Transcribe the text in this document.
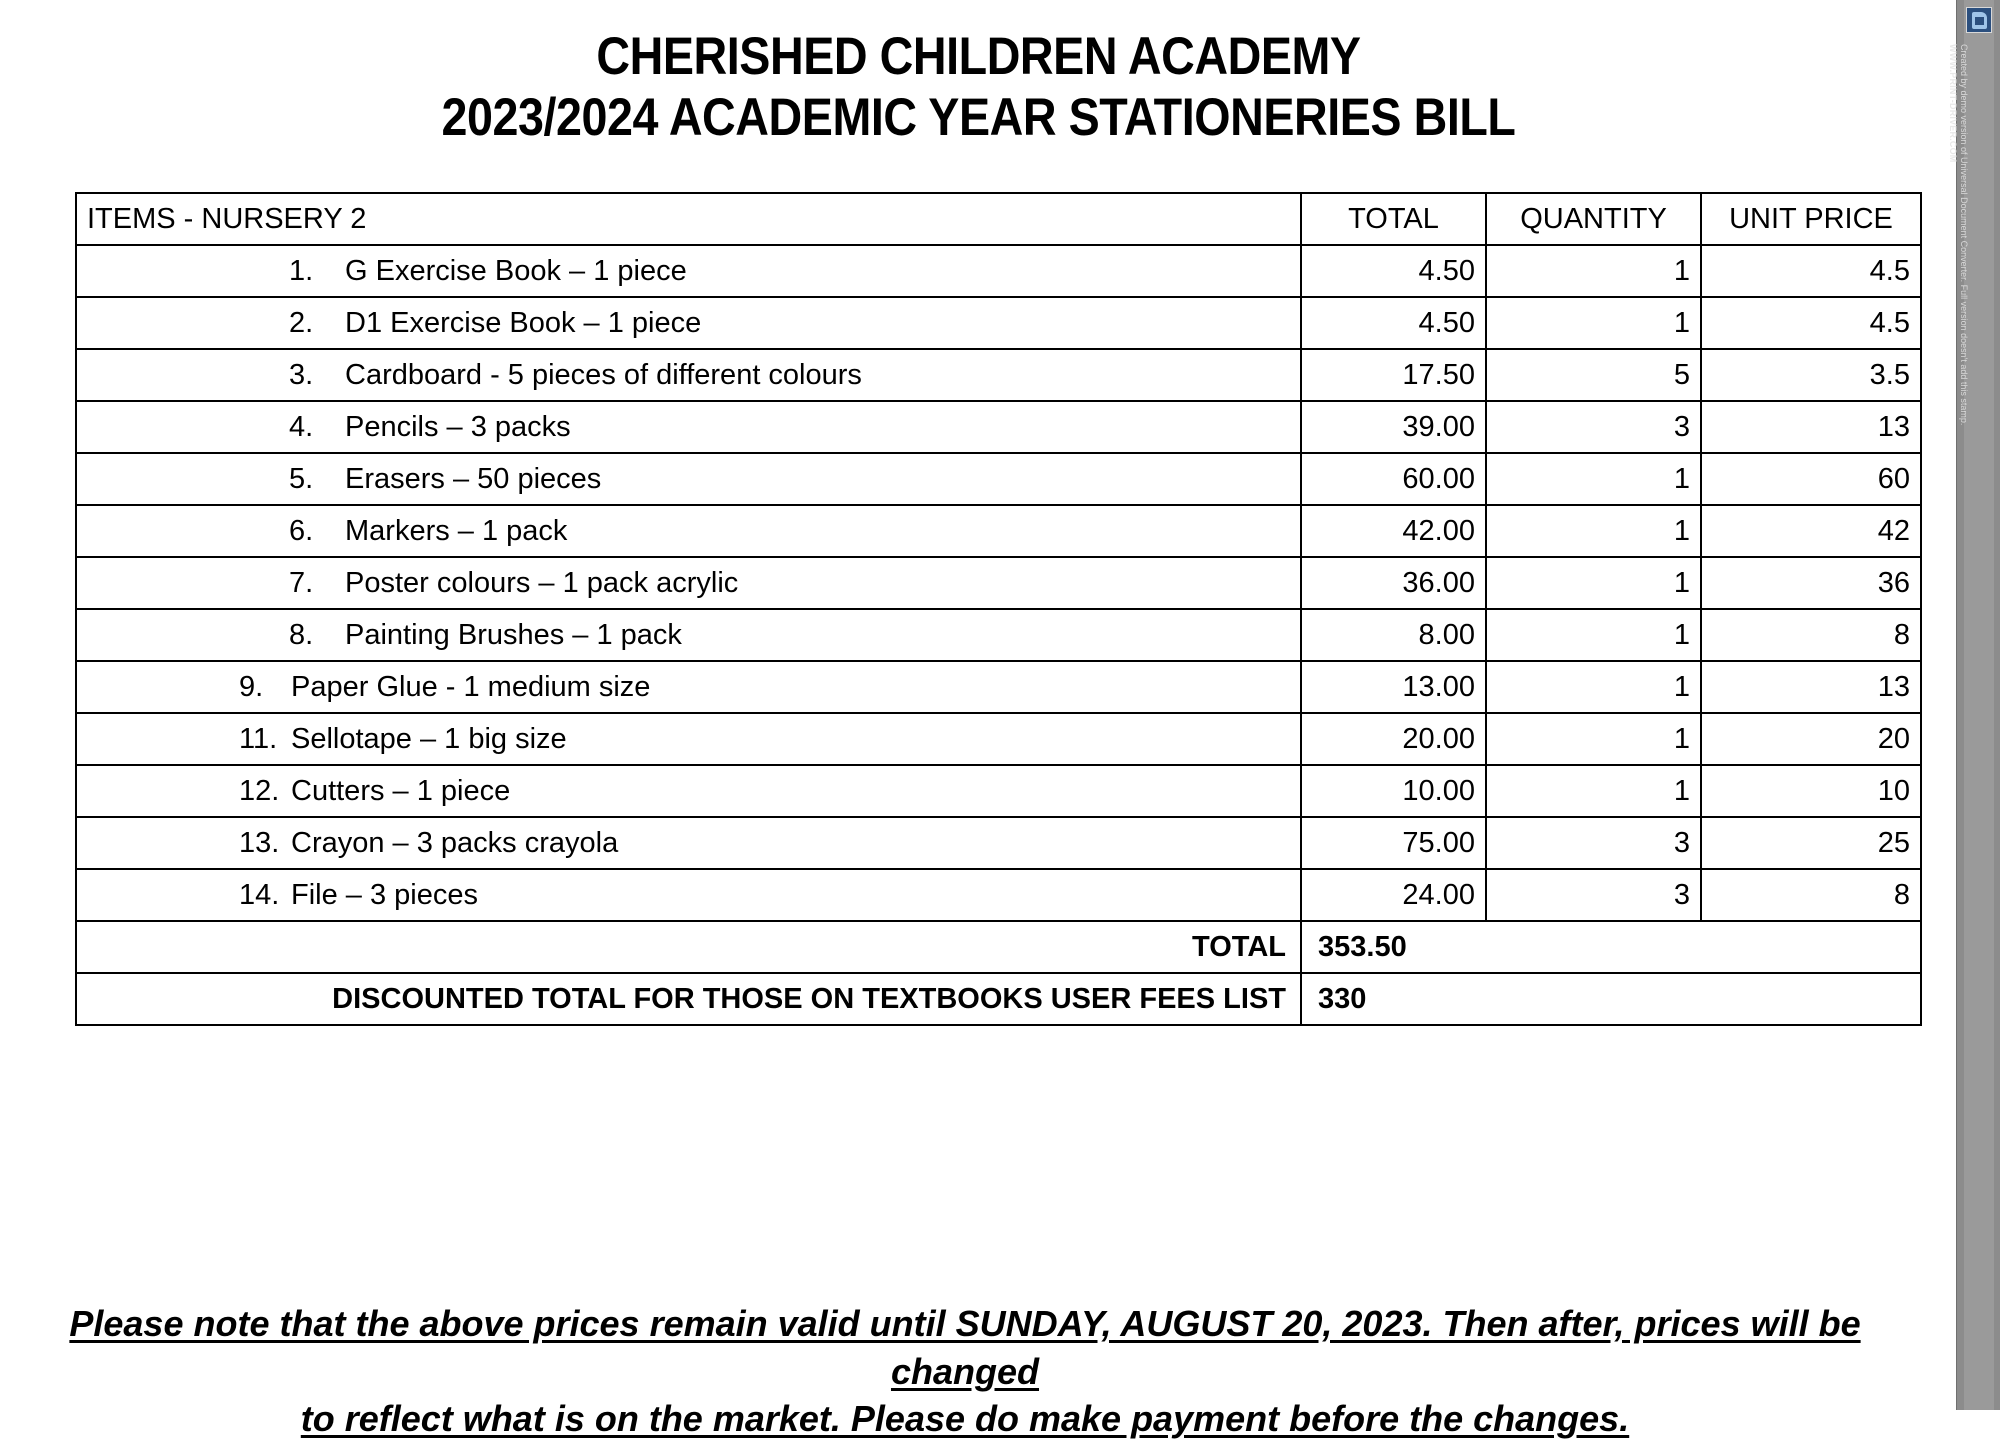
CHERISHED CHILDREN ACADEMY
2023/2024 ACADEMIC YEAR STATIONERIES BILL
ITEMS - NURSERY 2	TOTAL	QUANTITY	UNIT PRICE
1. G Exercise Book – 1 piece	4.50	1	4.5
2. D1 Exercise Book – 1 piece	4.50	1	4.5
3. Cardboard - 5 pieces of different colours	17.50	5	3.5
4. Pencils – 3 packs	39.00	3	13
5. Erasers – 50 pieces	60.00	1	60
6. Markers – 1 pack	42.00	1	42
7. Poster colours – 1 pack acrylic	36.00	1	36
8. Painting Brushes – 1 pack	8.00	1	8
9. Paper Glue - 1 medium size	13.00	1	13
11. Sellotape – 1 big size	20.00	1	20
12. Cutters – 1 piece	10.00	1	10
13. Crayon – 3 packs crayola	75.00	3	25
14. File – 3 pieces	24.00	3	8
TOTAL	353.50		
DISCOUNTED TOTAL FOR THOSE ON TEXTBOOKS USER FEES LIST	330		
Please note that the above prices remain valid until SUNDAY, AUGUST 20, 2023. Then after, prices will be changed
to reflect what is on the market. Please do make payment before the changes.
Created by demo version of Universal Document Converter. Full version doesn't add this stamp.
WWW.PRINT-DRIVER.COM
